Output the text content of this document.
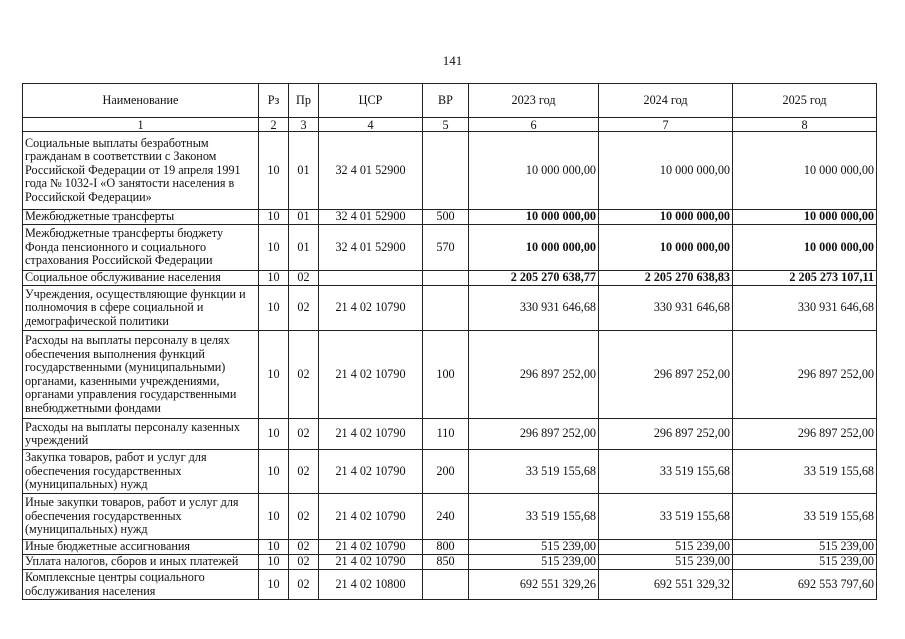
141
Наименование	Рз	Пр	ЦСР	ВР	2023 год	2024 год	2025 год
1	2	3	4	5	6	7	8
Социальные выплаты безработным гражданам в соответствии с Законом Российской Федерации от 19 апреля 1991 года № 1032-I «О занятости населения в Российской Федерации»	10	01	32 4 01 52900		10 000 000,00	10 000 000,00	10 000 000,00
Межбюджетные трансферты	10	01	32 4 01 52900	500	10 000 000,00	10 000 000,00	10 000 000,00
Межбюджетные трансферты бюджету Фонда пенсионного и социального страхования Российской Федерации	10	01	32 4 01 52900	570	10 000 000,00	10 000 000,00	10 000 000,00
Социальное обслуживание населения	10	02			2 205 270 638,77	2 205 270 638,83	2 205 273 107,11
Учреждения, осуществляющие функции и полномочия в сфере социальной и демографической политики	10	02	21 4 02 10790		330 931 646,68	330 931 646,68	330 931 646,68
Расходы на выплаты персоналу в целях обеспечения выполнения функций государственными (муниципальными) органами, казенными учреждениями, органами управления государственными внебюджетными фондами	10	02	21 4 02 10790	100	296 897 252,00	296 897 252,00	296 897 252,00
Расходы на выплаты персоналу казенных учреждений	10	02	21 4 02 10790	110	296 897 252,00	296 897 252,00	296 897 252,00
Закупка товаров, работ и услуг для обеспечения государственных (муниципальных) нужд	10	02	21 4 02 10790	200	33 519 155,68	33 519 155,68	33 519 155,68
Иные закупки товаров, работ и услуг для обеспечения государственных (муниципальных) нужд	10	02	21 4 02 10790	240	33 519 155,68	33 519 155,68	33 519 155,68
Иные бюджетные ассигнования	10	02	21 4 02 10790	800	515 239,00	515 239,00	515 239,00
Уплата налогов, сборов и иных платежей	10	02	21 4 02 10790	850	515 239,00	515 239,00	515 239,00
Комплексные центры социального обслуживания населения	10	02	21 4 02 10800		692 551 329,26	692 551 329,32	692 553 797,60
